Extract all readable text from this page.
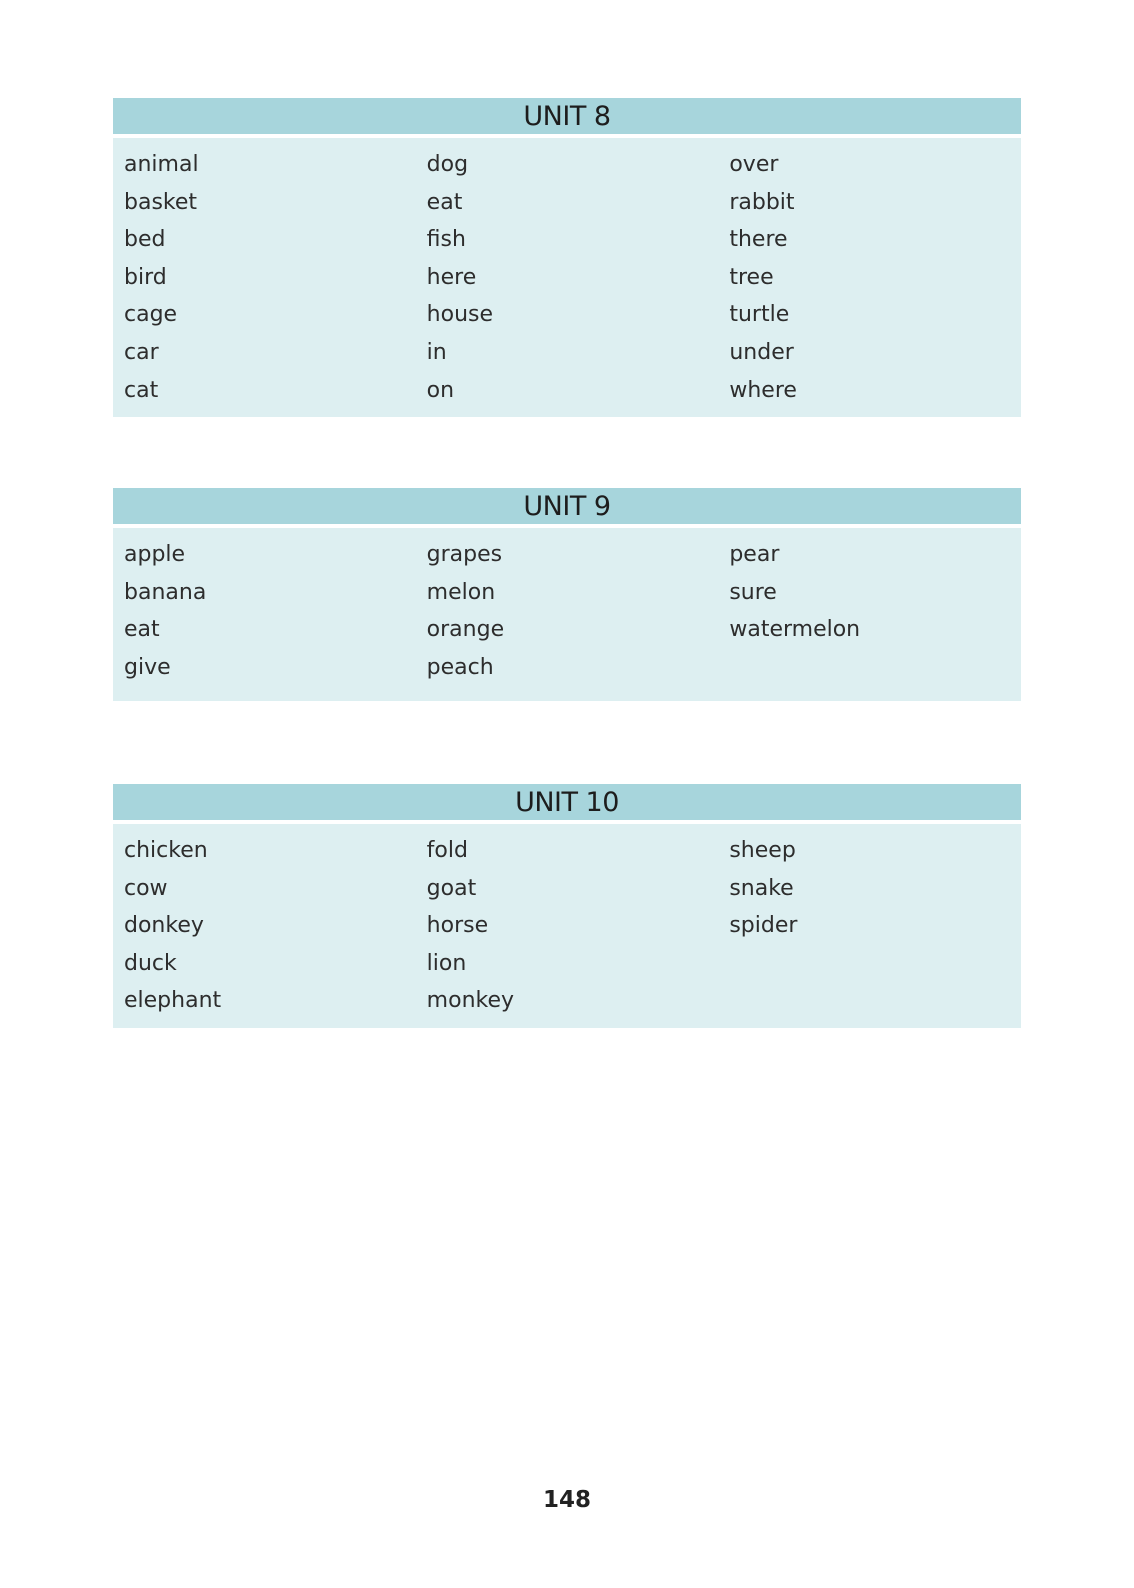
UNIT 8
animal
basket
bed
bird
cage
car
cat
dog
eat
fish
here
house
in
on
over
rabbit
there
tree
turtle
under
where
UNIT 9
apple
banana
eat
give
grapes
melon
orange
peach
pear
sure
watermelon
UNIT 10
chicken
cow
donkey
duck
elephant
fold
goat
horse
lion
monkey
sheep
snake
spider
148
